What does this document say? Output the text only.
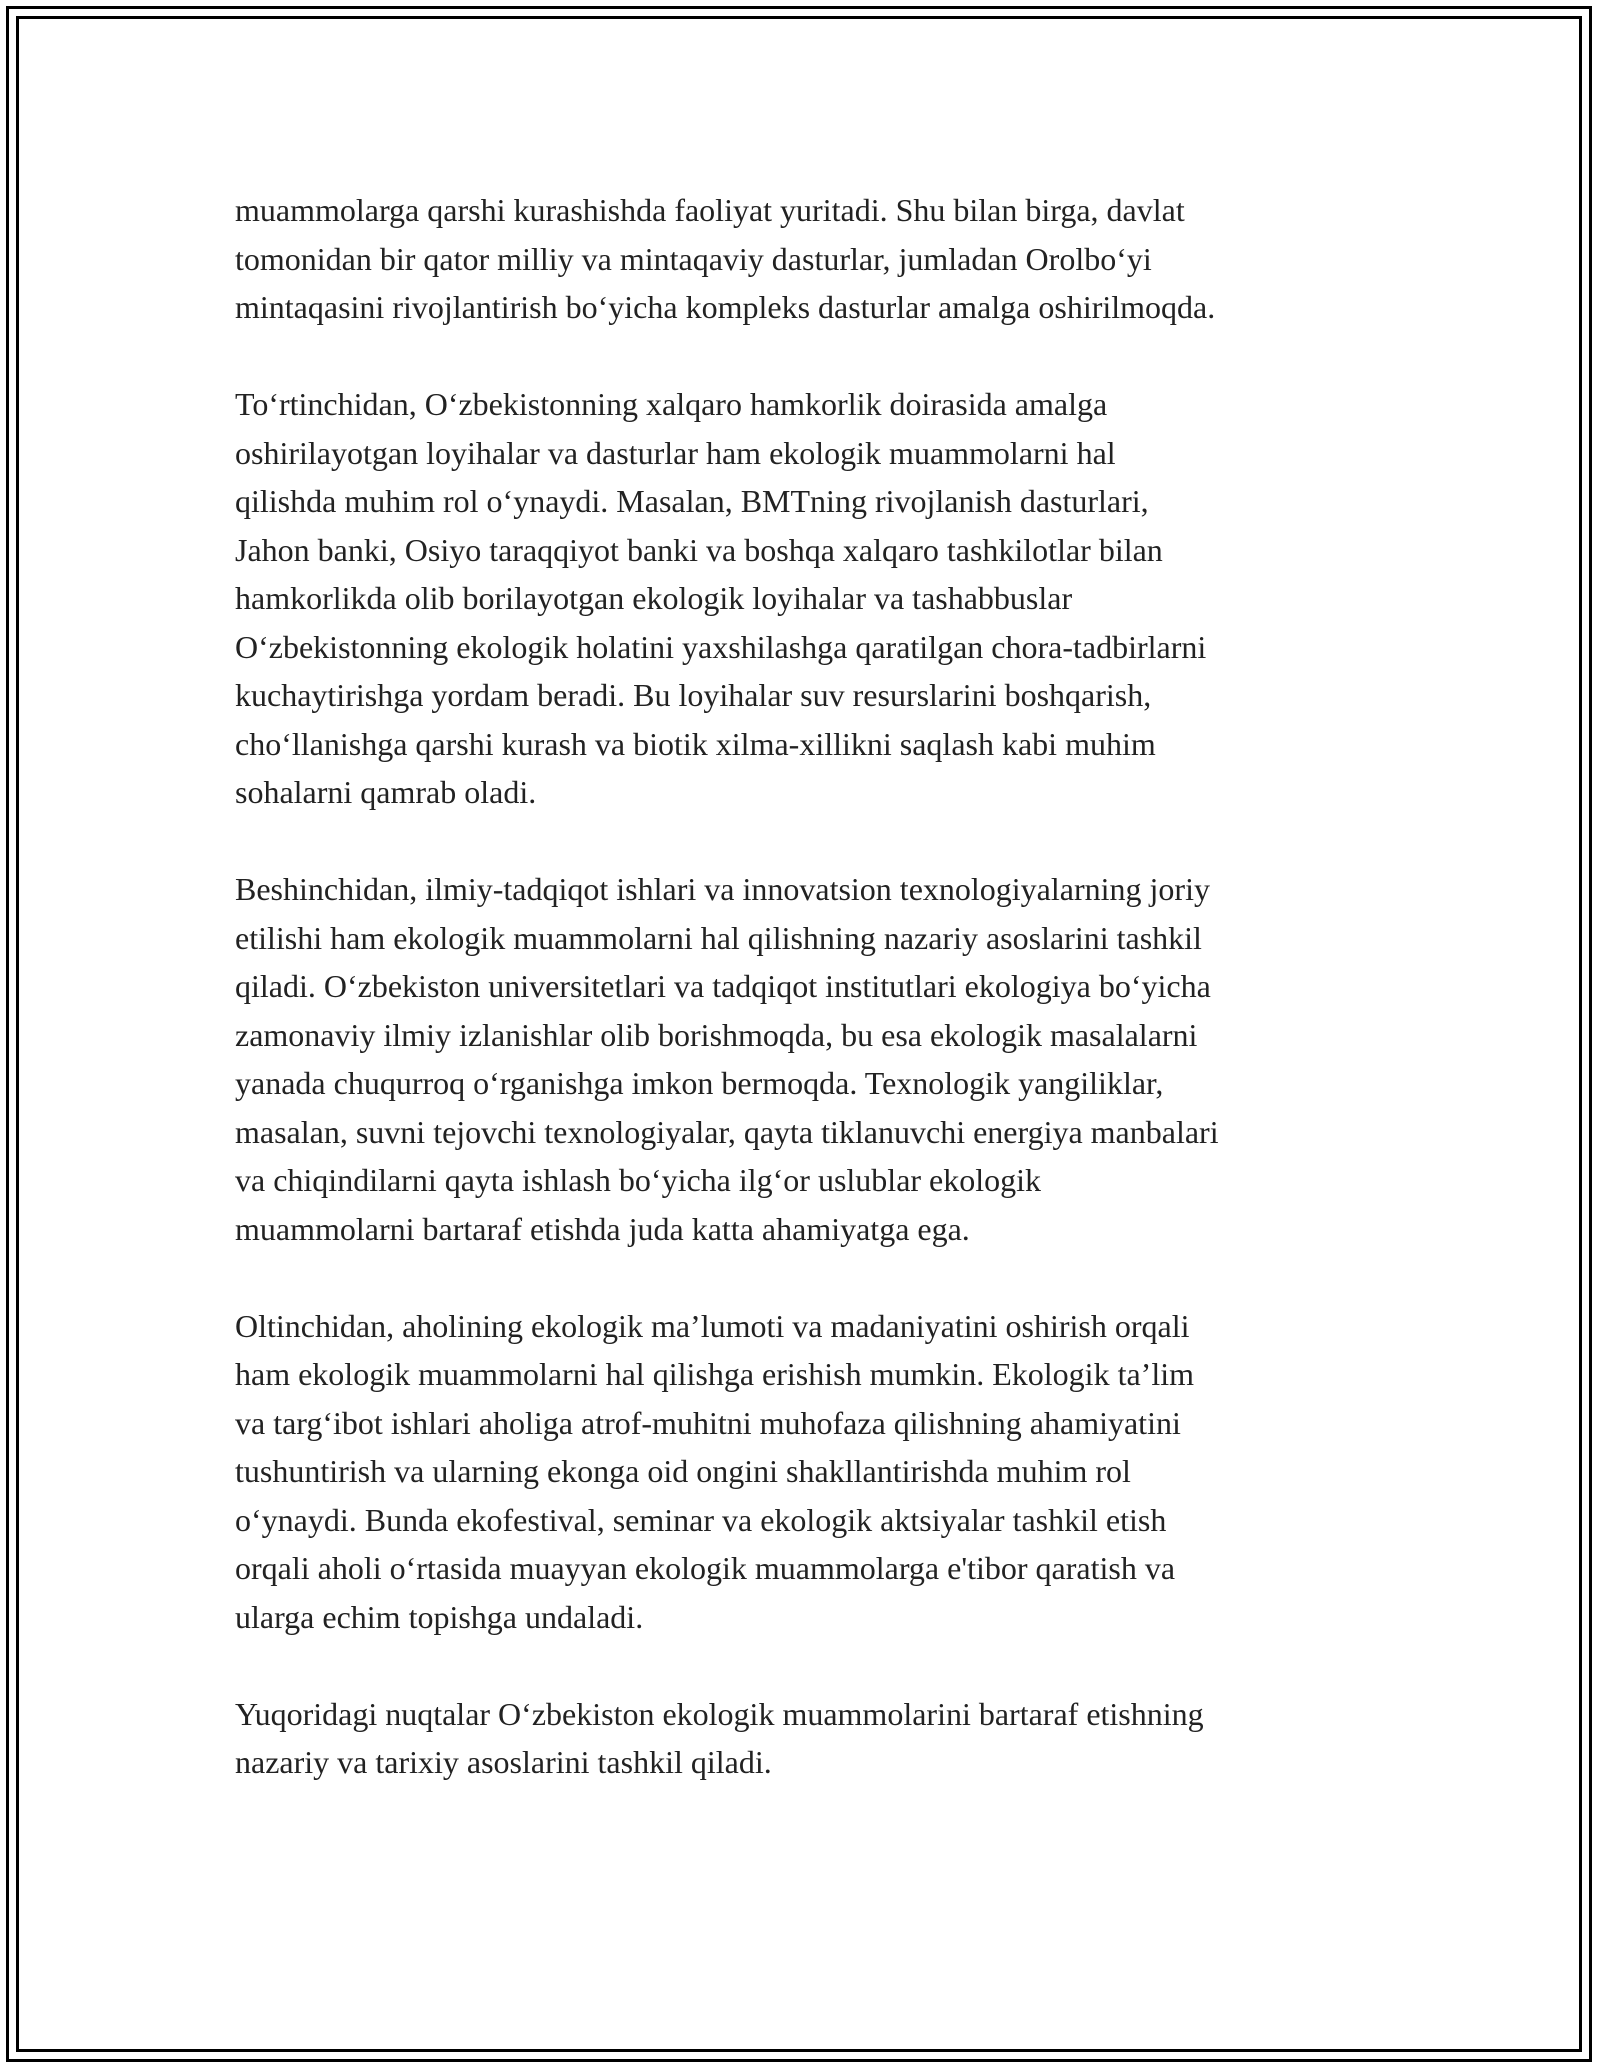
muammolarga qarshi kurashishda faoliyat yuritadi. Shu bilan birga, davlat
tomonidan bir qator milliy va mintaqaviy dasturlar, jumladan Orolbo‘yi
mintaqasini rivojlantirish bo‘yicha kompleks dasturlar amalga oshirilmoqda.

To‘rtinchidan, O‘zbekistonning xalqaro hamkorlik doirasida amalga
oshirilayotgan loyihalar va dasturlar ham ekologik muammolarni hal
qilishda muhim rol o‘ynaydi. Masalan, BMTning rivojlanish dasturlari,
Jahon banki, Osiyo taraqqiyot banki va boshqa xalqaro tashkilotlar bilan
hamkorlikda olib borilayotgan ekologik loyihalar va tashabbuslar
O‘zbekistonning ekologik holatini yaxshilashga qaratilgan chora-tadbirlarni
kuchaytirishga yordam beradi. Bu loyihalar suv resurslarini boshqarish,
cho‘llanishga qarshi kurash va biotik xilma-xillikni saqlash kabi muhim
sohalarni qamrab oladi.

Beshinchidan, ilmiy-tadqiqot ishlari va innovatsion texnologiyalarning joriy
etilishi ham ekologik muammolarni hal qilishning nazariy asoslarini tashkil
qiladi. O‘zbekiston universitetlari va tadqiqot institutlari ekologiya bo‘yicha
zamonaviy ilmiy izlanishlar olib borishmoqda, bu esa ekologik masalalarni
yanada chuqurroq o‘rganishga imkon bermoqda. Texnologik yangiliklar,
masalan, suvni tejovchi texnologiyalar, qayta tiklanuvchi energiya manbalari
va chiqindilarni qayta ishlash bo‘yicha ilg‘or uslublar ekologik
muammolarni bartaraf etishda juda katta ahamiyatga ega.

Oltinchidan, aholining ekologik ma’lumoti va madaniyatini oshirish orqali
ham ekologik muammolarni hal qilishga erishish mumkin. Ekologik ta’lim
va targ‘ibot ishlari aholiga atrof-muhitni muhofaza qilishning ahamiyatini
tushuntirish va ularning ekonga oid ongini shakllantirishda muhim rol
o‘ynaydi. Bunda ekofestival, seminar va ekologik aktsiyalar tashkil etish
orqali aholi o‘rtasida muayyan ekologik muammolarga e'tibor qaratish va
ularga echim topishga undaladi.

Yuqoridagi nuqtalar O‘zbekiston ekologik muammolarini bartaraf etishning
nazariy va tarixiy asoslarini tashkil qiladi.
